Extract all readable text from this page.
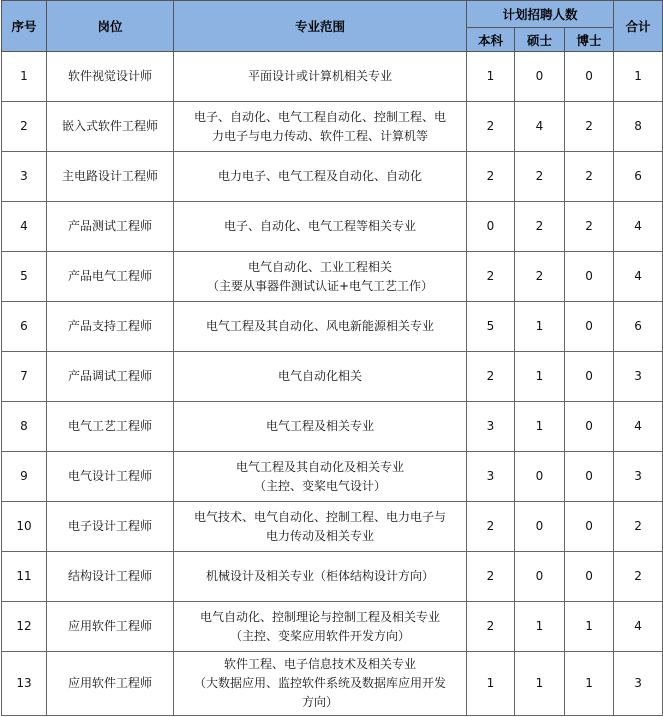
序号	岗位	专业范围	计划招聘人数			合计
			本科	硕士	博士	
1	软件视觉设计师	平面设计或计算机相关专业	1	0	0	1
2	嵌入式软件工程师	电子、自动化、电气工程自动化、控制工程、电
力电子与电力传动、软件工程、计算机等	2	4	2	8
3	主电路设计工程师	电力电子、电气工程及自动化、自动化	2	2	2	6
4	产品测试工程师	电子、自动化、电气工程等相关专业	0	2	2	4
5	产品电气工程师	电气自动化、工业工程相关
（主要从事器件测试认证+电气工艺工作）	2	2	0	4
6	产品支持工程师	电气工程及其自动化、风电新能源相关专业	5	1	0	6
7	产品调试工程师	电气自动化相关	2	1	0	3
8	电气工艺工程师	电气工程及相关专业	3	1	0	4
9	电气设计工程师	电气工程及其自动化及相关专业
（主控、变桨电气设计）	3	0	0	3
10	电子设计工程师	电气技术、电气自动化、控制工程、电力电子与
电力传动及相关专业	2	0	0	2
11	结构设计工程师	机械设计及相关专业（柜体结构设计方向）	2	0	0	2
12	应用软件工程师	电气自动化、控制理论与控制工程及相关专业
（主控、变桨应用软件开发方向）	2	1	1	4
13	应用软件工程师	软件工程、电子信息技术及相关专业
（大数据应用、监控软件系统及数据库应用开发
方向）	1	1	1	3
